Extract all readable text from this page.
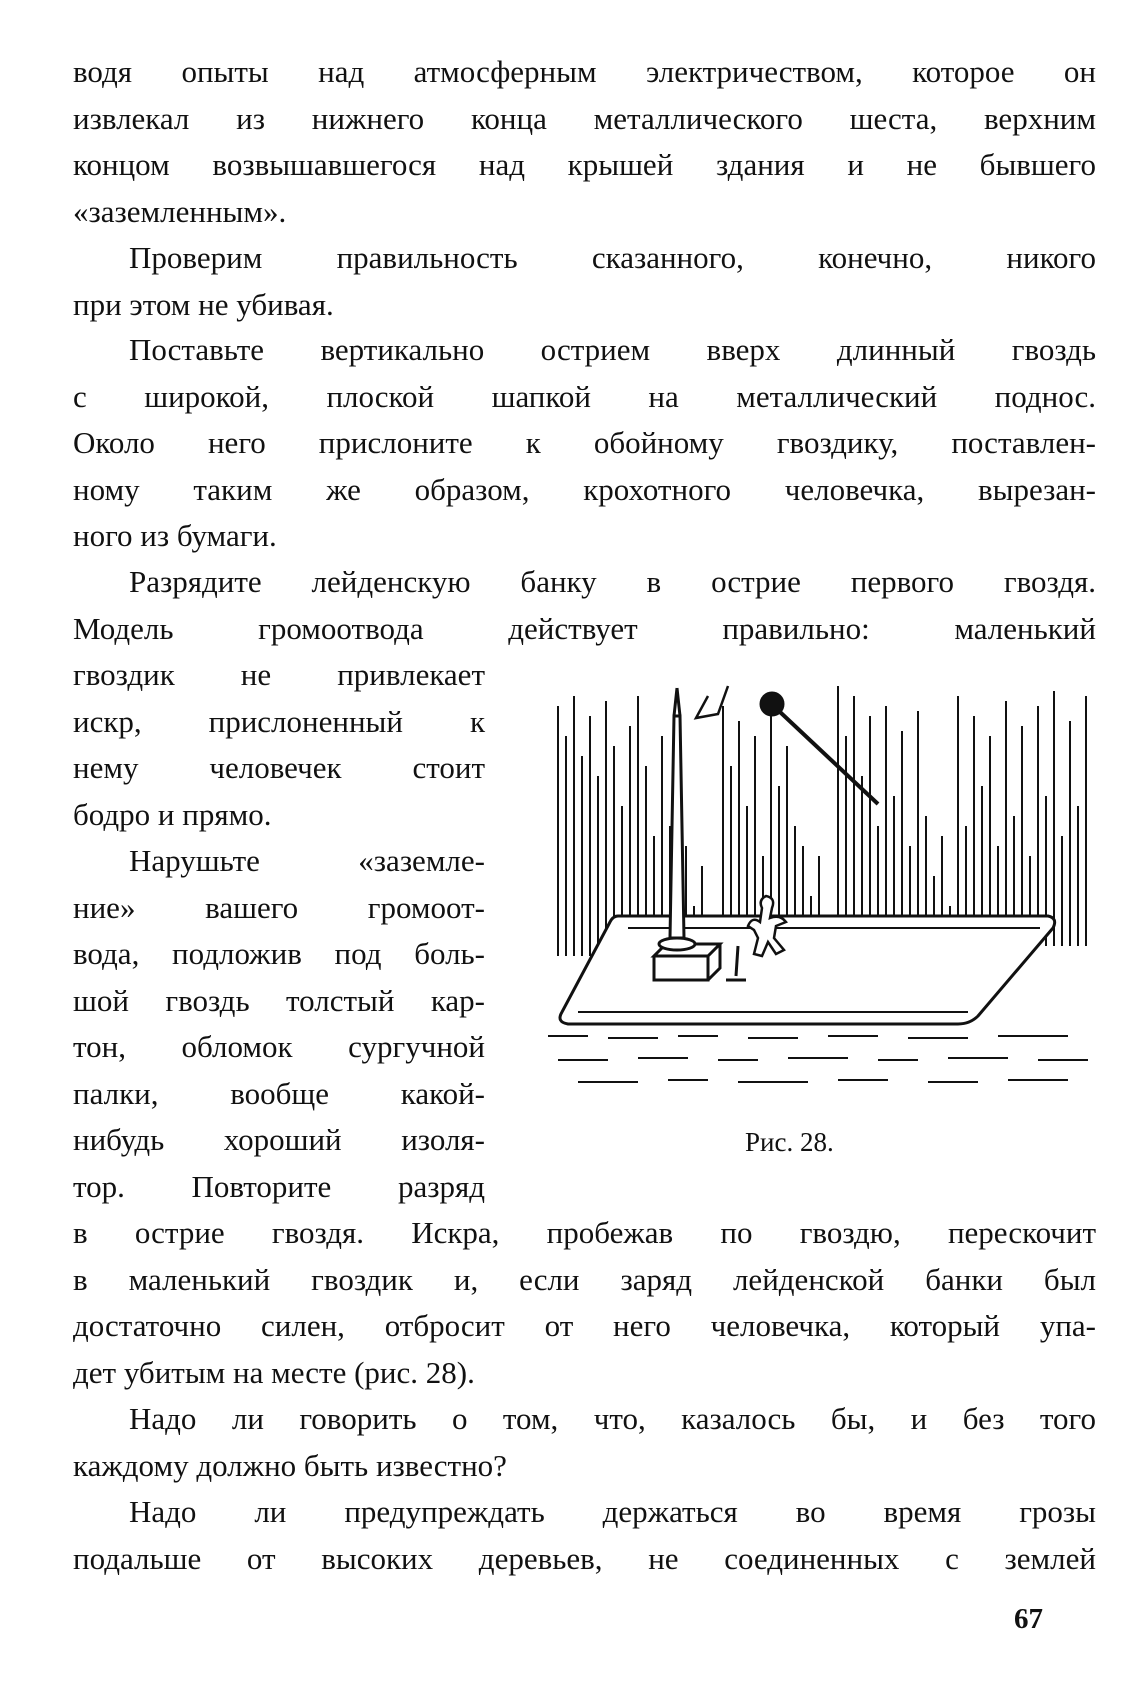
водя опыты над атмосферным электричеством, которое он
извлекал из нижнего конца металлического шеста, верхним
концом возвышавшегося над крышей здания и не бывшего
«заземленным».
Проверим правильность сказанного, конечно, никого
при этом не убивая.
Поставьте вертикально острием вверх длинный гвоздь
с широкой, плоской шапкой на металлический поднос.
Около него прислоните к обойному гвоздику, поставлен-
ному таким же образом, крохотного человечка, вырезан-
ного из бумаги.
Разрядите лейденскую банку в острие первого гвоздя.
Модель громоотвода действует правильно: маленький
гвоздик не привлекает
искр, прислоненный к
нему человечек стоит
бодро и прямо.
Нарушьте «заземле-
ние» вашего громоот-
вода, подложив под боль-
шой гвоздь толстый кар-
тон, обломок сургучной
палки, вообще какой-
нибудь хороший изоля-
тор. Повторите разряд
в острие гвоздя. Искра, пробежав по гвоздю, перескочит
в маленький гвоздик и, если заряд лейденской банки был
достаточно силен, отбросит от него человечка, который упа-
дет убитым на месте (рис. 28).
Надо ли говорить о том, что, казалось бы, и без того
каждому должно быть известно?
Надо ли предупреждать держаться во время грозы
подальше от высоких деревьев, не соединенных с землей
Рис. 28.
67
